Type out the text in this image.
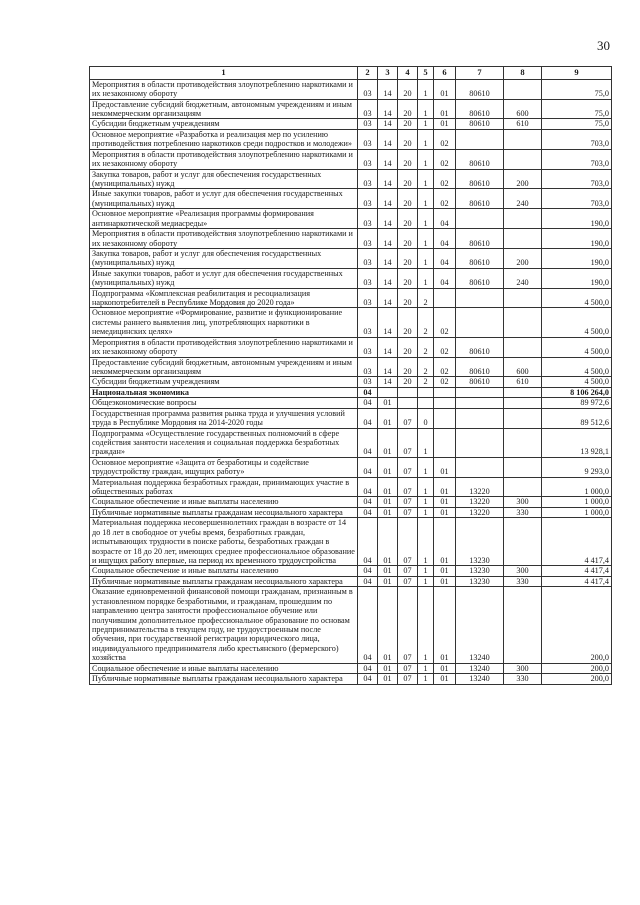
30
1	2	3	4	5	6	7	8	9
Мероприятия в области противодействия злоупотреблению наркотиками и их незаконному обороту	03	14	20	1	01	80610		75,0
Предоставление субсидий бюджетным, автономным учреждениям и иным некоммерческим организациям	03	14	20	1	01	80610	600	75,0
Субсидии бюджетным учреждениям	03	14	20	1	01	80610	610	75,0
Основное мероприятие «Разработка и реализация мер по усилению противодействия потреблению наркотиков среди подростков и молодежи»	03	14	20	1	02			703,0
Мероприятия в области противодействия злоупотреблению наркотиками и их незаконному обороту	03	14	20	1	02	80610		703,0
Закупка товаров, работ и услуг для обеспечения государственных (муниципальных) нужд	03	14	20	1	02	80610	200	703,0
Иные закупки товаров, работ и услуг для обеспечения государственных (муниципальных) нужд	03	14	20	1	02	80610	240	703,0
Основное мероприятие «Реализация программы формирования антинаркотической медиасреды»	03	14	20	1	04			190,0
Мероприятия в области противодействия злоупотреблению наркотиками и их незаконному обороту	03	14	20	1	04	80610		190,0
Закупка товаров, работ и услуг для обеспечения государственных (муниципальных) нужд	03	14	20	1	04	80610	200	190,0
Иные закупки товаров, работ и услуг для обеспечения государственных (муниципальных) нужд	03	14	20	1	04	80610	240	190,0
Подпрограмма «Комплексная реабилитация и ресоциализация наркопотребителей в Республике Мордовия до 2020 года»	03	14	20	2				4 500,0
Основное мероприятие «Формирование, развитие и функционирование системы раннего выявления лиц, употребляющих наркотики в немедицинских целях»	03	14	20	2	02			4 500,0
Мероприятия в области противодействия злоупотреблению наркотиками и их незаконному обороту	03	14	20	2	02	80610		4 500,0
Предоставление субсидий бюджетным, автономным учреждениям и иным некоммерческим организациям	03	14	20	2	02	80610	600	4 500,0
Субсидии бюджетным учреждениям	03	14	20	2	02	80610	610	4 500,0
Национальная экономика	04							8 106 264,0
Общеэкономические вопросы	04	01						89 972,6
Государственная программа развития рынка труда и улучшения условий труда в Республике Мордовия на 2014-2020 годы	04	01	07	0				89 512,6
Подпрограмма «Осуществление государственных полномочий в сфере содействия занятости населения и социальная поддержка безработных граждан»	04	01	07	1				13 928,1
Основное мероприятие «Защита от безработицы и содействие трудоустройству граждан, ищущих работу»	04	01	07	1	01			9 293,0
Материальная поддержка безработных граждан, принимающих участие в общественных работах	04	01	07	1	01	13220		1 000,0
Социальное обеспечение и иные выплаты населению	04	01	07	1	01	13220	300	1 000,0
Публичные нормативные выплаты гражданам несоциального характера	04	01	07	1	01	13220	330	1 000,0
Материальная поддержка несовершеннолетних граждан в возрасте от 14 до 18 лет в свободное от учебы время, безработных граждан, испытывающих трудности в поиске работы, безработных граждан в возрасте от 18 до 20 лет, имеющих среднее профессиональное образование и ищущих работу впервые, на период их временного трудоустройства	04	01	07	1	01	13230		4 417,4
Социальное обеспечение и иные выплаты населению	04	01	07	1	01	13230	300	4 417,4
Публичные нормативные выплаты гражданам несоциального характера	04	01	07	1	01	13230	330	4 417,4
Оказание единовременной финансовой помощи гражданам, признанным в установленном порядке безработными, и гражданам, прошедшим по направлению центра занятости профессиональное обучение или получившим дополнительное профессиональное образование по основам предпринимательства в текущем году, не трудоустроенным после обучения, при государственной регистрации юридического лица, индивидуального предпринимателя либо крестьянского (фермерского) хозяйства	04	01	07	1	01	13240		200,0
Социальное обеспечение и иные выплаты населению	04	01	07	1	01	13240	300	200,0
Публичные нормативные выплаты гражданам несоциального характера	04	01	07	1	01	13240	330	200,0
